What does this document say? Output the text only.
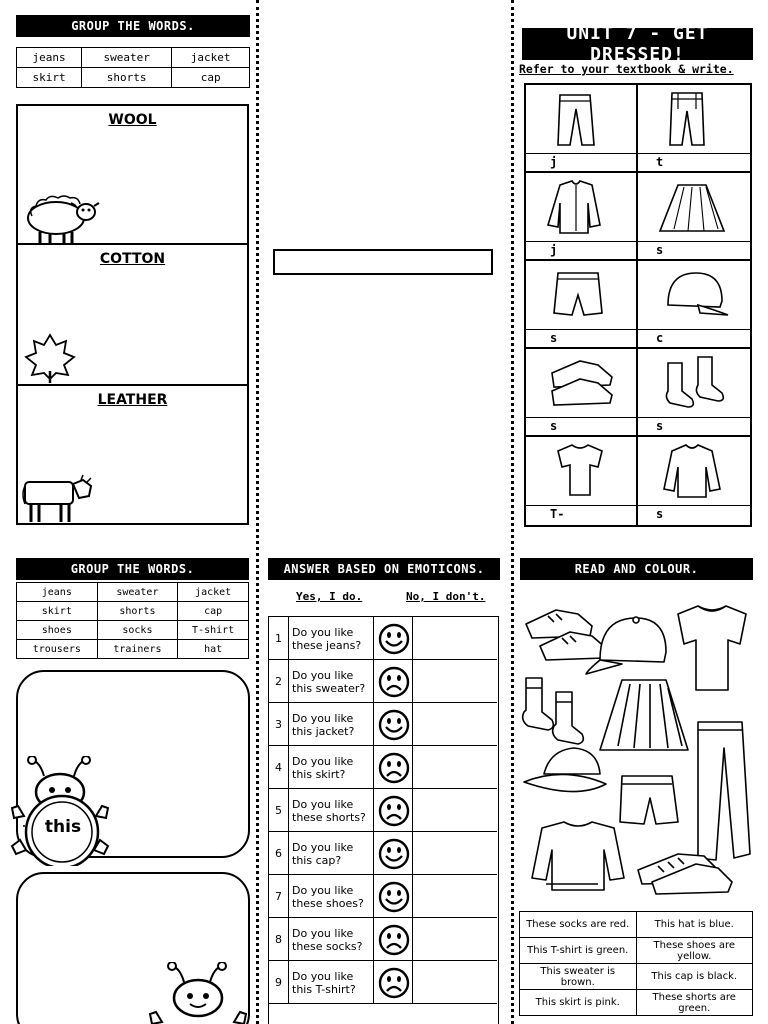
GROUP THE WORDS.
jeans	sweater	jacket
skirt	shorts	cap
WOOL
COTTON
LEATHER
UNIT 7 - GET DRESSED!
Refer to your textbook & write.
j	t
j	s
s	c
s	s
T-	s
GROUP THE WORDS.
jeans	sweater	jacket
skirt	shorts	cap
shoes	socks	T-shirt
trousers	trainers	hat
this
ANSWER BASED ON EMOTICONS.
Yes, I do.	No, I don't.
1 Do you like
these jeans?
2 Do you like
this sweater?
3 Do you like
this jacket?
4 Do you like
this skirt?
5 Do you like
these shorts?
6 Do you like
this cap?
7 Do you like
these shoes?
8 Do you like
these socks?
9 Do you like
this T-shirt?
READ AND COLOUR.
These socks are red.	This hat is blue.
This T-shirt is green.	These shoes are yellow.
This sweater is brown.	This cap is black.
This skirt is pink.	These shorts are green.
